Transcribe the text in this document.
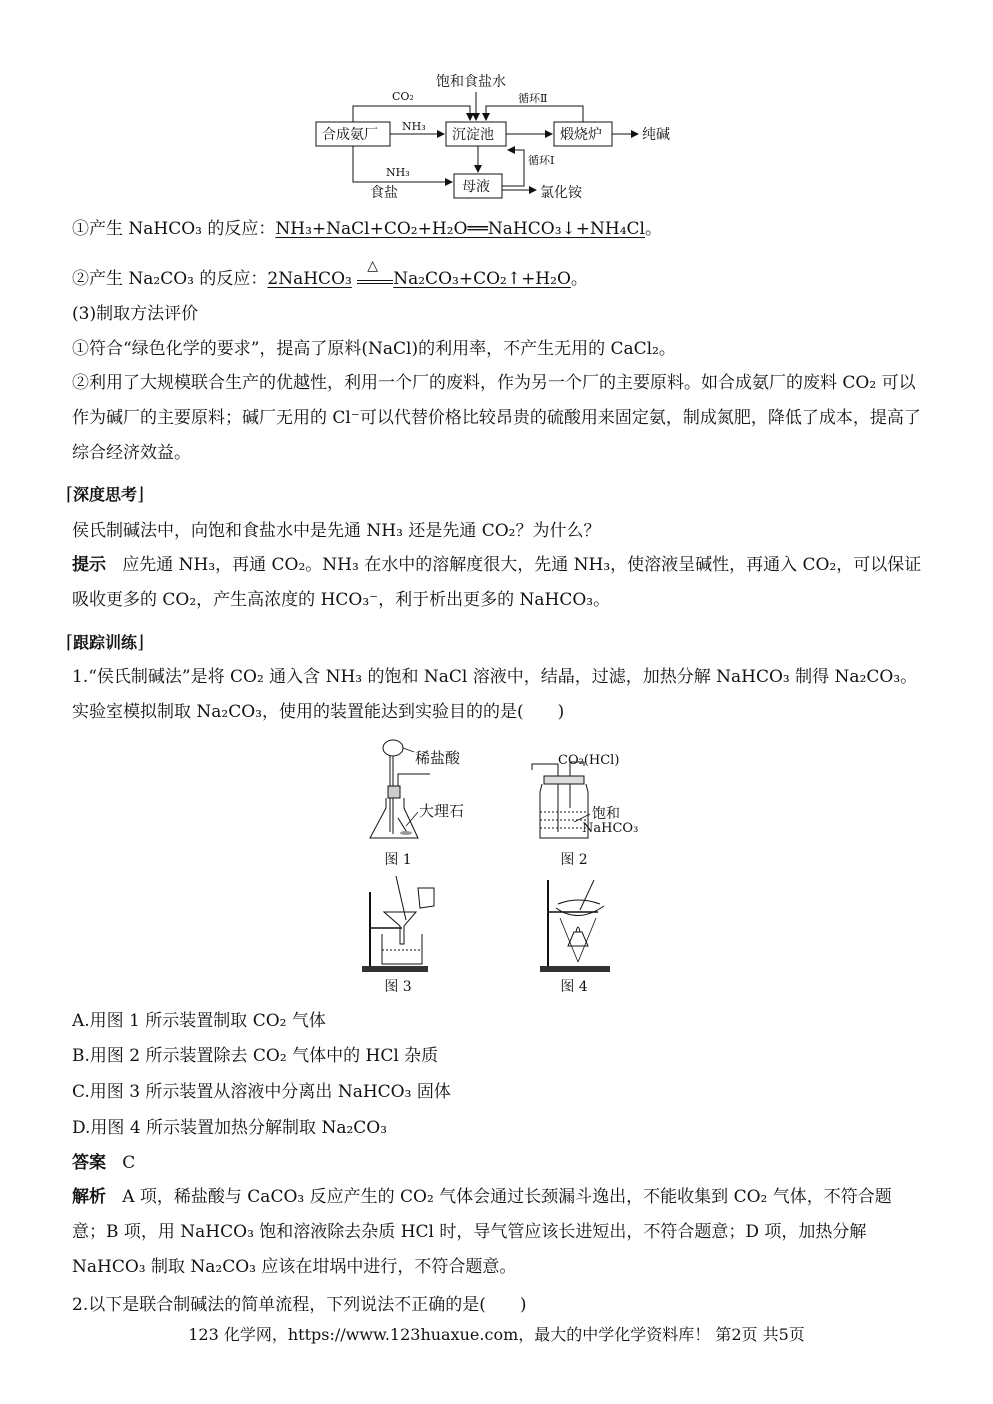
合成氨厂	沉淀池	煅烧炉
母液
饱和食盐水
CO₂
NH₃
NH₃
循环Ⅱ
循环Ⅰ
食盐
纯碱
氯化铵
①产生 NaHCO₃ 的反应：NH₃+NaCl+CO₂+H₂O══NaHCO₃↓+NH₄Cl。
②产生 Na₂CO₃ 的反应：2NaHCO₃
△
Na₂CO₃+CO₂↑+H₂O。
(3)制取方法评价
①符合“绿色化学的要求”，提高了原料(NaCl)的利用率，不产生无用的 CaCl₂。
②利用了大规模联合生产的优越性，利用一个厂的废料，作为另一个厂的主要原料。如合成氨厂的废料 CO₂ 可以作为碱厂的主要原料；碱厂无用的 Cl⁻可以代替价格比较昂贵的硫酸用来固定氨，制成氮肥，降低了成本，提高了综合经济效益。
⌈深度思考⌋
侯氏制碱法中，向饱和食盐水中是先通 NH₃ 还是先通 CO₂？为什么？
提示 应先通 NH₃，再通 CO₂。NH₃ 在水中的溶解度很大，先通 NH₃，使溶液呈碱性，再通入 CO₂，可以保证吸收更多的 CO₂，产生高浓度的 HCO₃⁻，利于析出更多的 NaHCO₃。
⌈跟踪训练⌋
1.“侯氏制碱法”是将 CO₂ 通入含 NH₃ 的饱和 NaCl 溶液中，结晶，过滤，加热分解 NaHCO₃ 制得 Na₂CO₃。实验室模拟制取 Na₂CO₃，使用的装置能达到实验目的的是(　　)
稀盐酸
大理石
图 1
CO₂(HCl)
饱和
NaHCO₃
图 2
图 3	图 4
A.用图 1 所示装置制取 CO₂ 气体
B.用图 2 所示装置除去 CO₂ 气体中的 HCl 杂质
C.用图 3 所示装置从溶液中分离出 NaHCO₃ 固体
D.用图 4 所示装置加热分解制取 Na₂CO₃
答案 C
解析 A 项，稀盐酸与 CaCO₃ 反应产生的 CO₂ 气体会通过长颈漏斗逸出，不能收集到 CO₂ 气体，不符合题意；B 项，用 NaHCO₃ 饱和溶液除去杂质 HCl 时，导气管应该长进短出，不符合题意；D 项，加热分解 NaHCO₃ 制取 Na₂CO₃ 应该在坩埚中进行，不符合题意。
2.以下是联合制碱法的简单流程，下列说法不正确的是(　　)
123 化学网，https://www.123huaxue.com，最大的中学化学资料库！ 第2页 共5页
